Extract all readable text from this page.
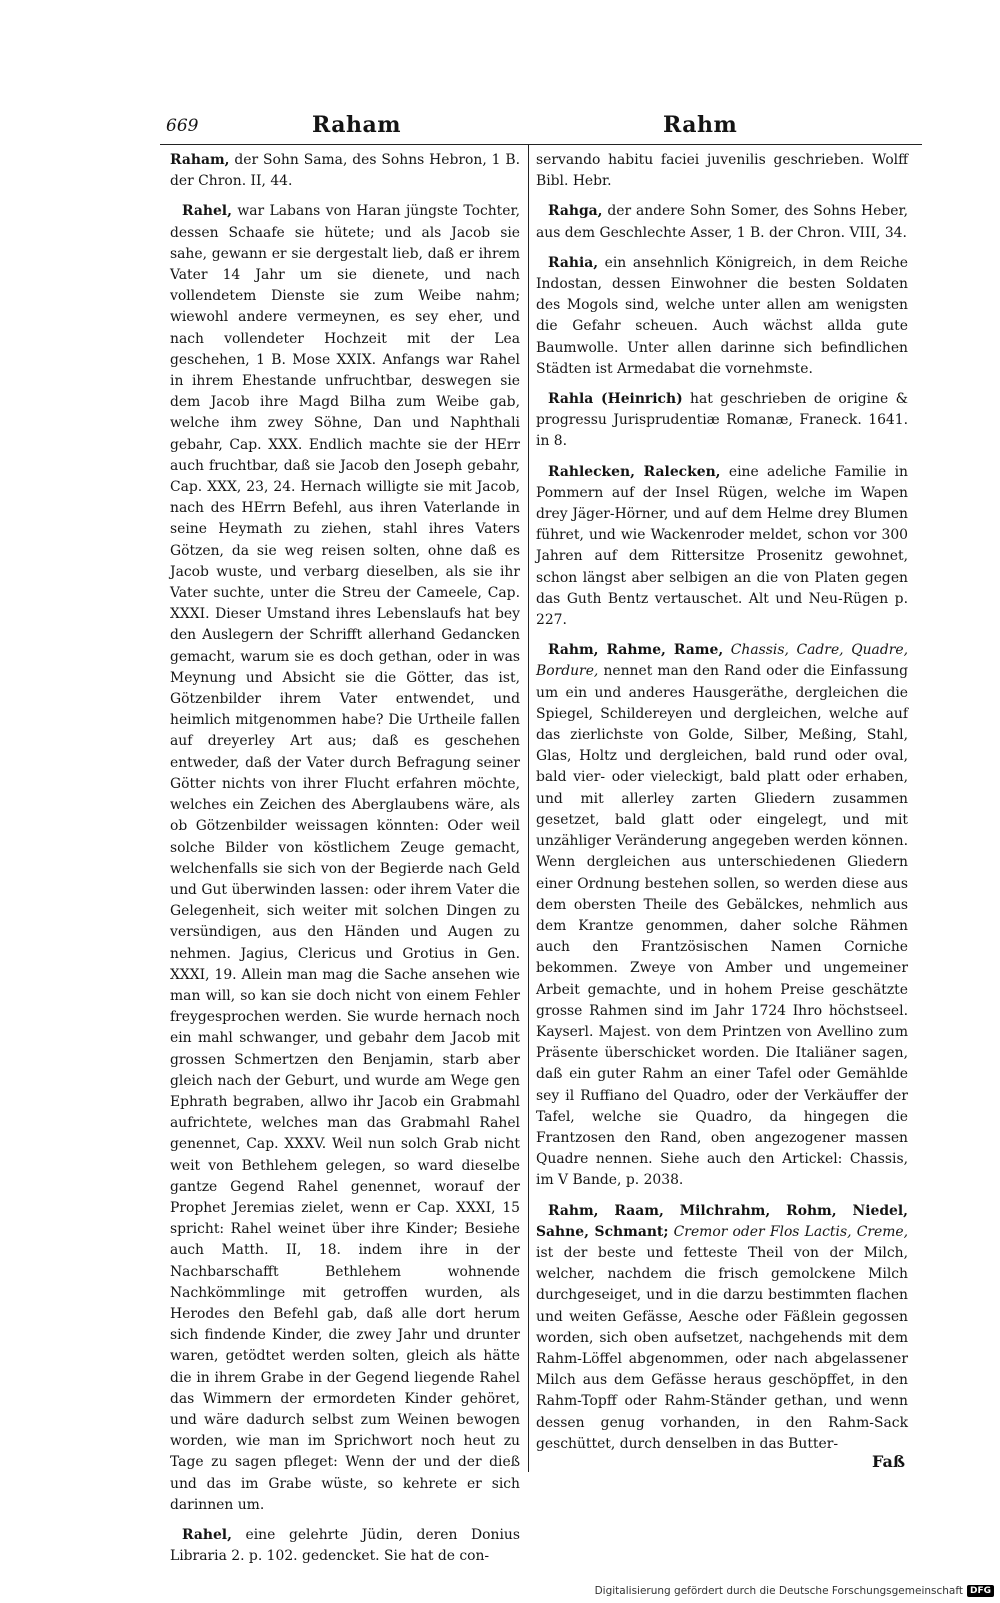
669	Raham	Rahm

Raham, der Sohn Sama, des Sohns Hebron, 1 B. der Chron. II, 44.

Rahel, war Labans von Haran jüngste Tochter, dessen Schaafe sie hütete; und als Jacob sie sahe, gewann er sie dergestalt lieb, daß er ihrem Vater 14 Jahr um sie dienete, und nach vollendetem Dienste sie zum Weibe nahm; wiewohl andere vermeynen, es sey eher, und nach vollendeter Hochzeit mit der Lea geschehen, 1 B. Mose XXIX. Anfangs war Rahel in ihrem Ehestande unfruchtbar, deswegen sie dem Jacob ihre Magd Bilha zum Weibe gab, welche ihm zwey Söhne, Dan und Naphthali gebahr, Cap. XXX. Endlich machte sie der HErr auch fruchtbar, daß sie Jacob den Joseph gebahr, Cap. XXX, 23, 24. Hernach willigte sie mit Jacob, nach des HErrn Befehl, aus ihren Vaterlande in seine Heymath zu ziehen, stahl ihres Vaters Götzen, da sie weg reisen solten, ohne daß es Jacob wuste, und verbarg dieselben, als sie ihr Vater suchte, unter die Streu der Cameele, Cap. XXXI. Dieser Umstand ihres Lebenslaufs hat bey den Auslegern der Schrifft allerhand Gedancken gemacht, warum sie es doch gethan, oder in was Meynung und Absicht sie die Götter, das ist, Götzenbilder ihrem Vater entwendet, und heimlich mitgenommen habe? Die Urtheile fallen auf dreyerley Art aus; daß es geschehen entweder, daß der Vater durch Befragung seiner Götter nichts von ihrer Flucht erfahren möchte, welches ein Zeichen des Aberglaubens wäre, als ob Götzenbilder weissagen könnten: Oder weil solche Bilder von köstlichem Zeuge gemacht, welchenfalls sie sich von der Begierde nach Geld und Gut überwinden lassen: oder ihrem Vater die Gelegenheit, sich weiter mit solchen Dingen zu versündigen, aus den Händen und Augen zu nehmen. Jagius, Clericus und Grotius in Gen. XXXI, 19. Allein man mag die Sache ansehen wie man will, so kan sie doch nicht von einem Fehler freygesprochen werden. Sie wurde hernach noch ein mahl schwanger, und gebahr dem Jacob mit grossen Schmertzen den Benjamin, starb aber gleich nach der Geburt, und wurde am Wege gen Ephrath begraben, allwo ihr Jacob ein Grabmahl aufrichtete, welches man das Grabmahl Rahel genennet, Cap. XXXV. Weil nun solch Grab nicht weit von Bethlehem gelegen, so ward dieselbe gantze Gegend Rahel genennet, worauf der Prophet Jeremias zielet, wenn er Cap. XXXI, 15 spricht: Rahel weinet über ihre Kinder; Besiehe auch Matth. II, 18. indem ihre in der Nachbarschafft Bethlehem wohnende Nachkömmlinge mit getroffen wurden, als Herodes den Befehl gab, daß alle dort herum sich findende Kinder, die zwey Jahr und drunter waren, getödtet werden solten, gleich als hätte die in ihrem Grabe in der Gegend liegende Rahel das Wimmern der ermordeten Kinder gehöret, und wäre dadurch selbst zum Weinen bewogen worden, wie man im Sprichwort noch heut zu Tage zu sagen pfleget: Wenn der und der dieß und das im Grabe wüste, so kehrete er sich darinnen um.

Rahel, eine gelehrte Jüdin, deren Donius Libraria 2. p. 102. gedencket. Sie hat de con-

servando habitu faciei juvenilis geschrieben. Wolff Bibl. Hebr.

Rahga, der andere Sohn Somer, des Sohns Heber, aus dem Geschlechte Asser, 1 B. der Chron. VIII, 34.

Rahia, ein ansehnlich Königreich, in dem Reiche Indostan, dessen Einwohner die besten Soldaten des Mogols sind, welche unter allen am wenigsten die Gefahr scheuen. Auch wächst allda gute Baumwolle. Unter allen darinne sich befindlichen Städten ist Armedabat die vornehmste.

Rahla (Heinrich) hat geschrieben de origine & progressu Jurisprudentiæ Romanæ, Franeck. 1641. in 8.

Rahlecken, Ralecken, eine adeliche Familie in Pommern auf der Insel Rügen, welche im Wapen drey Jäger-Hörner, und auf dem Helme drey Blumen führet, und wie Wackenroder meldet, schon vor 300 Jahren auf dem Rittersitze Prosenitz gewohnet, schon längst aber selbigen an die von Platen gegen das Guth Bentz vertauschet. Alt und Neu-Rügen p. 227.

Rahm, Rahme, Rame, Chassis, Cadre, Quadre, Bordure, nennet man den Rand oder die Einfassung um ein und anderes Hausgeräthe, dergleichen die Spiegel, Schildereyen und dergleichen, welche auf das zierlichste von Golde, Silber, Meßing, Stahl, Glas, Holtz und dergleichen, bald rund oder oval, bald vier- oder vieleckigt, bald platt oder erhaben, und mit allerley zarten Gliedern zusammen gesetzet, bald glatt oder eingelegt, und mit unzähliger Veränderung angegeben werden können. Wenn dergleichen aus unterschiedenen Gliedern einer Ordnung bestehen sollen, so werden diese aus dem obersten Theile des Gebälckes, nehmlich aus dem Krantze genommen, daher solche Rähmen auch den Frantzösischen Namen Corniche bekommen. Zweye von Amber und ungemeiner Arbeit gemachte, und in hohem Preise geschätzte grosse Rahmen sind im Jahr 1724 Ihro höchstseel. Kayserl. Majest. von dem Printzen von Avellino zum Präsente überschicket worden. Die Italiäner sagen, daß ein guter Rahm an einer Tafel oder Gemählde sey il Ruffiano del Quadro, oder der Verkäuffer der Tafel, welche sie Quadro, da hingegen die Frantzosen den Rand, oben angezogener massen Quadre nennen. Siehe auch den Artickel: Chassis, im V Bande, p. 2038.

Rahm, Raam, Milchrahm, Rohm, Niedel, Sahne, Schmant; Cremor oder Flos Lactis, Creme, ist der beste und fetteste Theil von der Milch, welcher, nachdem die frisch gemolckene Milch durchgeseiget, und in die darzu bestimmten flachen und weiten Gefässe, Aesche oder Fäßlein gegossen worden, sich oben aufsetzet, nachgehends mit dem Rahm-Löffel abgenommen, oder nach abgelassener Milch aus dem Gefässe heraus geschöpffet, in den Rahm-Topff oder Rahm-Ständer gethan, und wenn dessen genug vorhanden, in den Rahm-Sack geschüttet, durch denselben in das Butter-

Faß
Digitalisierung gefördert durch die Deutsche Forschungsgemeinschaft DFG
